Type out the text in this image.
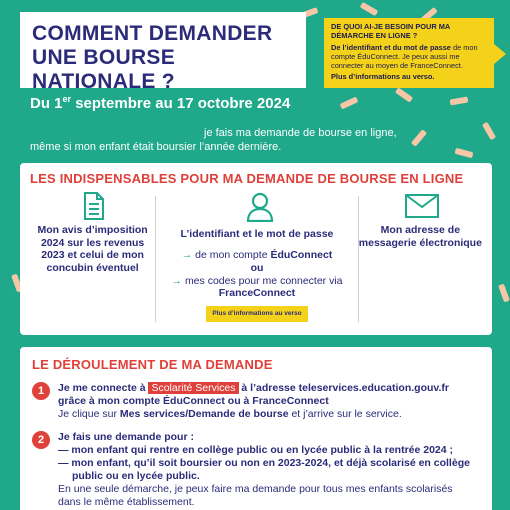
COMMENT DEMANDER
UNE BOURSE NATIONALE ?
DE QUOI AI-JE BESOIN POUR MA DÉMARCHE EN LIGNE ?
De l’identifiant et du mot de passe de mon compte ÉduConnect. Je peux aussi me connecter au moyen de FranceConnect.
Plus d’informations au verso.
Du 1er septembre au 17 octobre 2024
je fais ma demande de bourse en ligne,
même si mon enfant était boursier l’année dernière.
LES INDISPENSABLES POUR MA DEMANDE DE BOURSE EN LIGNE
Mon avis d’imposition 2024 sur les revenus 2023 et celui de mon concubin éventuel
L’identifiant et le mot de passe
→ de mon compte ÉduConnect
ou
→ mes codes pour me connecter via FranceConnect
Plus d’informations au verso
Mon adresse de messagerie électronique
LE DÉROULEMENT DE MA DEMANDE
1	Je me connecte à Scolarité Services à l’adresse teleservices.education.gouv.fr
grâce à mon compte ÉduConnect ou à FranceConnect
Je clique sur Mes services/Demande de bourse et j’arrive sur le service.
2	Je fais une demande pour :
— mon enfant qui rentre en collège public ou en lycée public à la rentrée 2024 ;
— mon enfant, qu’il soit boursier ou non en 2023-2024, et déjà scolarisé en collège
public ou en lycée public.
En une seule démarche, je peux faire ma demande pour tous mes enfants scolarisés
dans le même établissement.
